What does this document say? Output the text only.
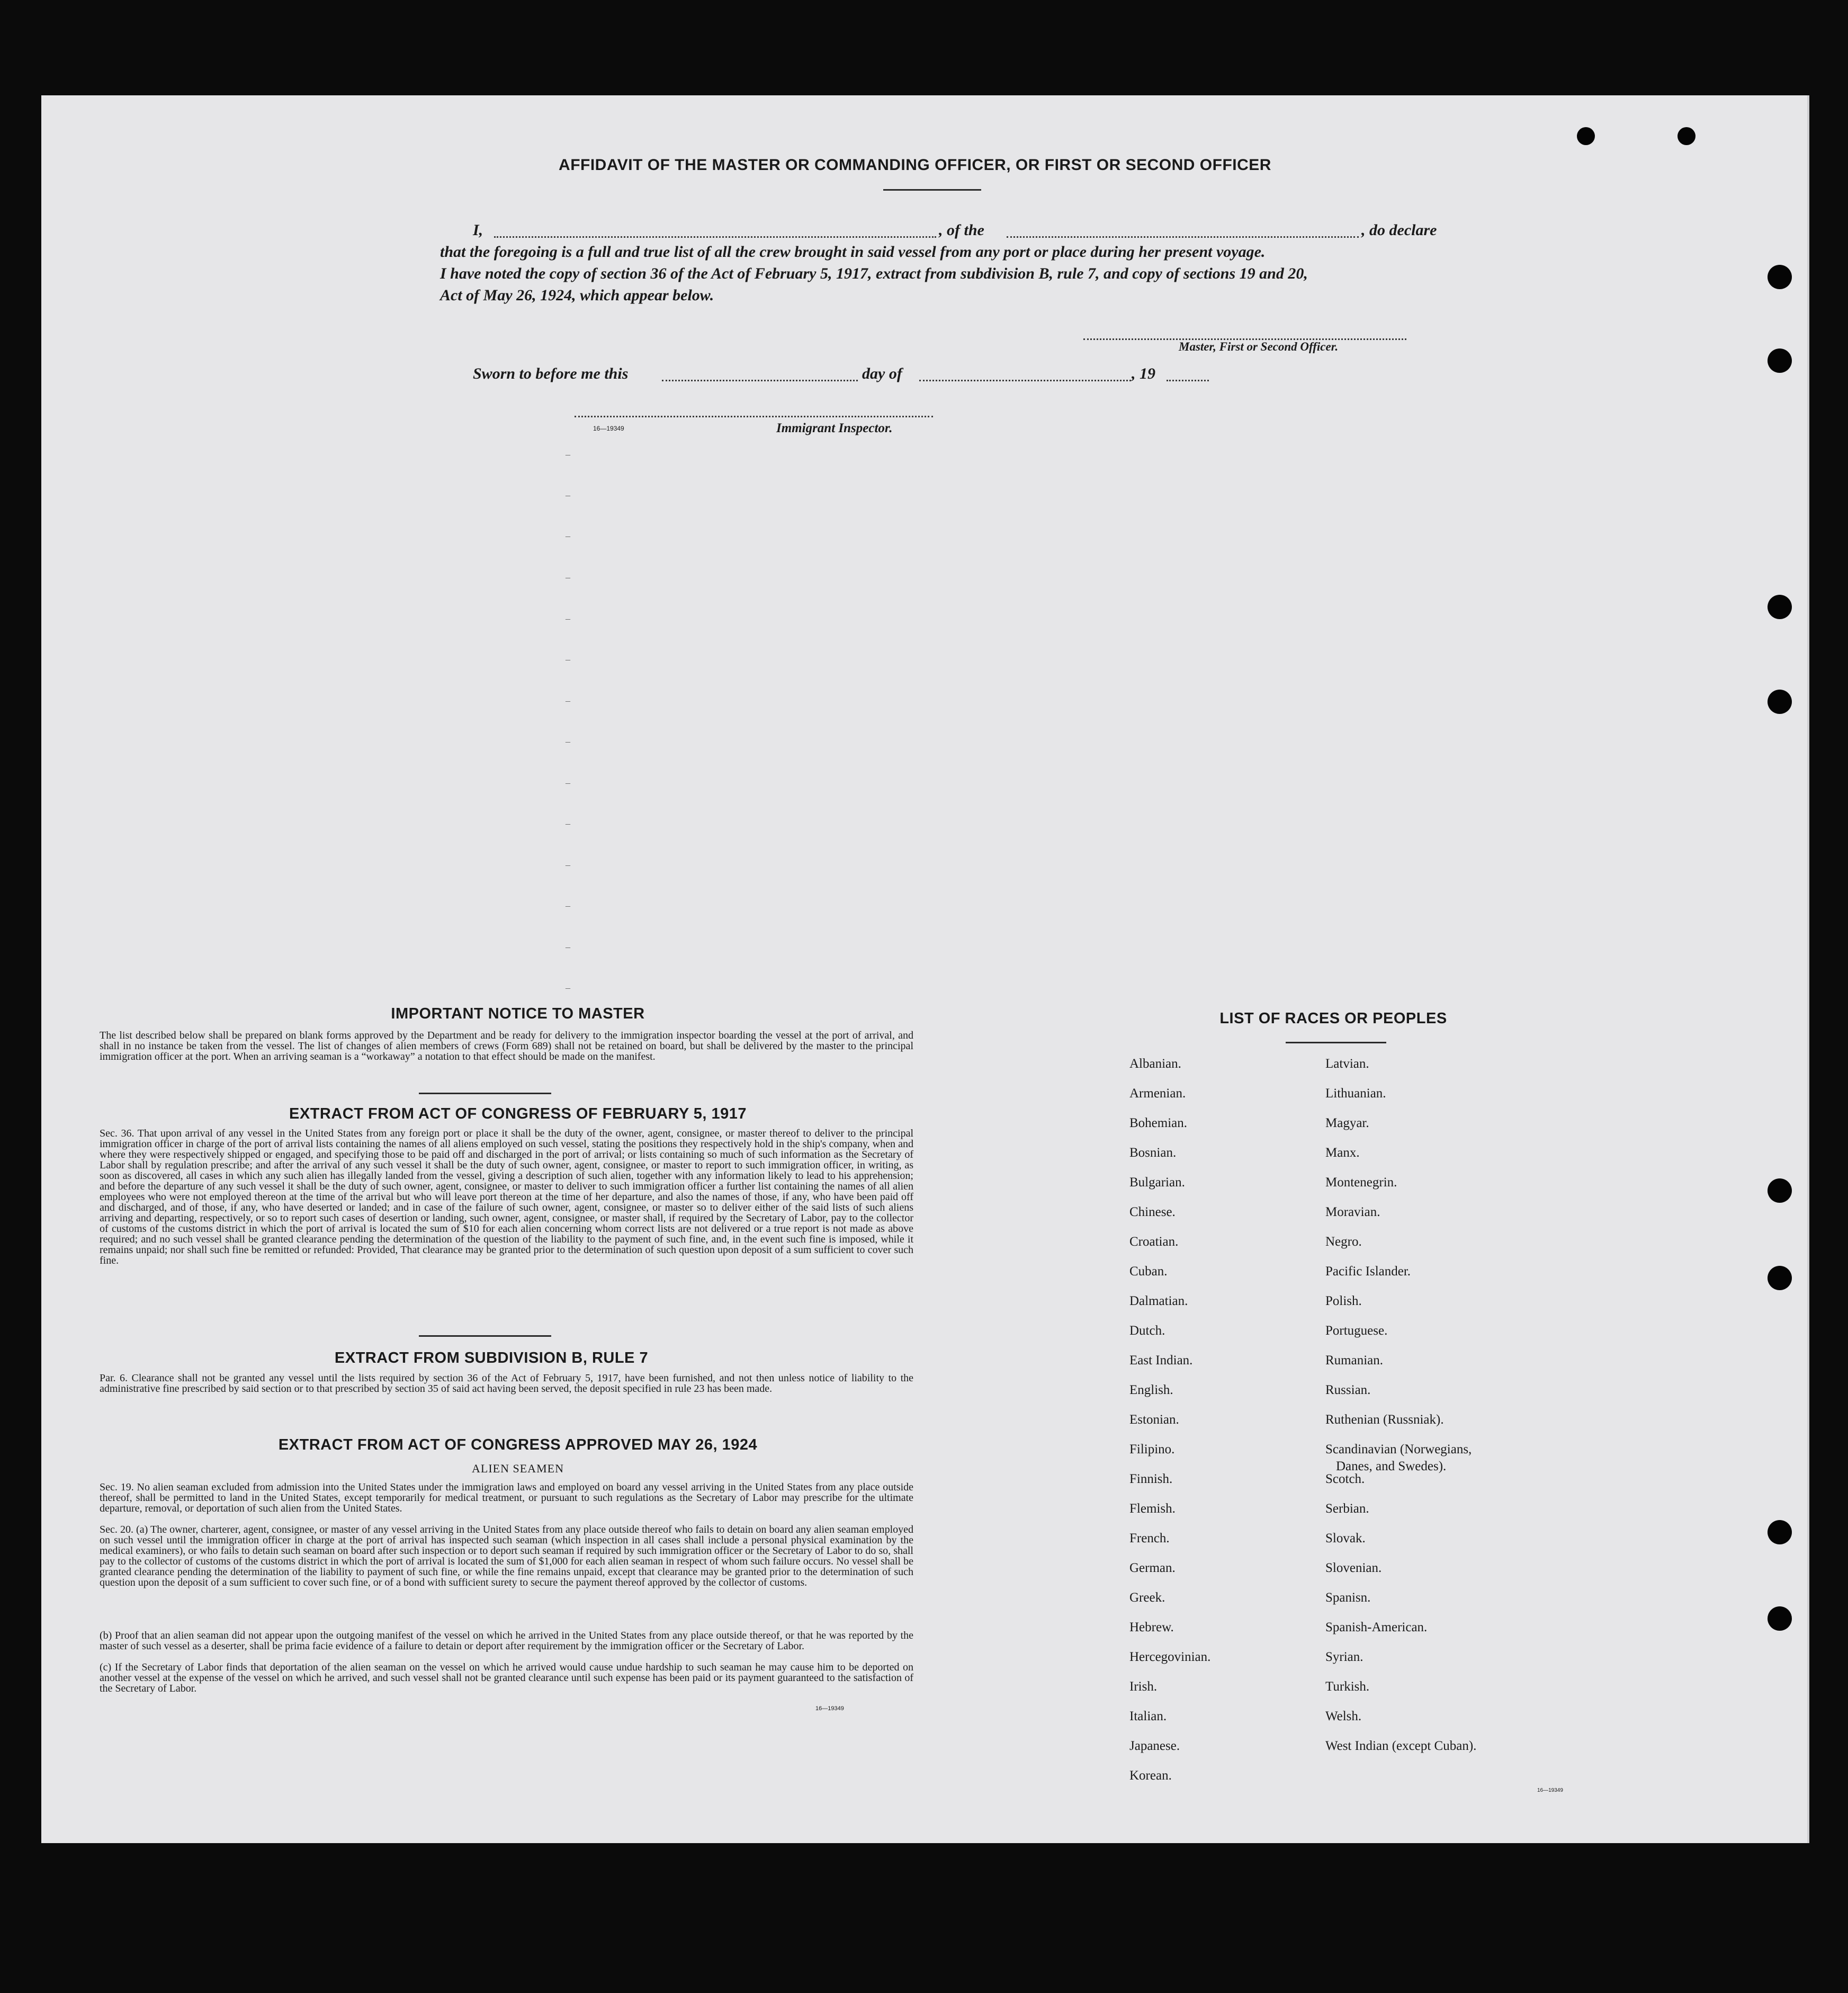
AFFIDAVIT OF THE MASTER OR COMMANDING OFFICER, OR FIRST OR SECOND OFFICER
I,	, of the	, do declare
that the foregoing is a full and true list of all the crew brought in said vessel from any port or place during her present voyage.
I have noted the copy of section 36 of the Act of February 5, 1917, extract from subdivision B, rule 7, and copy of sections 19 and 20,
Act of May 26, 1924, which appear below.
Master, First or Second Officer.
Sworn to before me this	day of	, 19
16—19349	Immigrant Inspector.
–
–
–
–
–
–
–
–
–
–
–
–
–
–
IMPORTANT NOTICE TO MASTER
The list described below shall be prepared on blank forms approved by the Department and be ready for delivery to the immigration inspector boarding the vessel at the port of arrival, and shall in no instance be taken from the vessel. The list of changes of alien members of crews (Form 689) shall not be retained on board, but shall be delivered by the master to the principal immigration officer at the port. When an arriving seaman is a “workaway” a notation to that effect should be made on the manifest.
EXTRACT FROM ACT OF CONGRESS OF FEBRUARY 5, 1917
Sec. 36. That upon arrival of any vessel in the United States from any foreign port or place it shall be the duty of the owner, agent, consignee, or master thereof to deliver to the principal immigration officer in charge of the port of arrival lists containing the names of all aliens employed on such vessel, stating the positions they respectively hold in the ship's company, when and where they were respectively shipped or engaged, and specifying those to be paid off and discharged in the port of arrival; or lists containing so much of such information as the Secretary of Labor shall by regulation prescribe; and after the arrival of any such vessel it shall be the duty of such owner, agent, consignee, or master to report to such immigration officer, in writing, as soon as discovered, all cases in which any such alien has illegally landed from the vessel, giving a description of such alien, together with any information likely to lead to his apprehension; and before the departure of any such vessel it shall be the duty of such owner, agent, consignee, or master to deliver to such immigration officer a further list containing the names of all alien employees who were not employed thereon at the time of the arrival but who will leave port thereon at the time of her departure, and also the names of those, if any, who have been paid off and discharged, and of those, if any, who have deserted or landed; and in case of the failure of such owner, agent, consignee, or master so to deliver either of the said lists of such aliens arriving and departing, respectively, or so to report such cases of desertion or landing, such owner, agent, consignee, or master shall, if required by the Secretary of Labor, pay to the collector of customs of the customs district in which the port of arrival is located the sum of $10 for each alien concerning whom correct lists are not delivered or a true report is not made as above required; and no such vessel shall be granted clearance pending the determination of the question of the liability to the payment of such fine, and, in the event such fine is imposed, while it remains unpaid; nor shall such fine be remitted or refunded: Provided, That clearance may be granted prior to the determination of such question upon deposit of a sum sufficient to cover such fine.
EXTRACT FROM SUBDIVISION B, RULE 7
Par. 6. Clearance shall not be granted any vessel until the lists required by section 36 of the Act of February 5, 1917, have been furnished, and not then unless notice of liability to the administrative fine prescribed by said section or to that prescribed by section 35 of said act having been served, the deposit specified in rule 23 has been made.
EXTRACT FROM ACT OF CONGRESS APPROVED MAY 26, 1924
ALIEN SEAMEN
Sec. 19. No alien seaman excluded from admission into the United States under the immigration laws and employed on board any vessel arriving in the United States from any place outside thereof, shall be permitted to land in the United States, except temporarily for medical treatment, or pursuant to such regulations as the Secretary of Labor may prescribe for the ultimate departure, removal, or deportation of such alien from the United States.
Sec. 20. (a) The owner, charterer, agent, consignee, or master of any vessel arriving in the United States from any place outside thereof who fails to detain on board any alien seaman employed on such vessel until the immigration officer in charge at the port of arrival has inspected such seaman (which inspection in all cases shall include a personal physical examination by the medical examiners), or who fails to detain such seaman on board after such inspection or to deport such seaman if required by such immigration officer or the Secretary of Labor to do so, shall pay to the collector of customs of the customs district in which the port of arrival is located the sum of $1,000 for each alien seaman in respect of whom such failure occurs. No vessel shall be granted clearance pending the determination of the liability to payment of such fine, or while the fine remains unpaid, except that clearance may be granted prior to the determination of such question upon the deposit of a sum sufficient to cover such fine, or of a bond with sufficient surety to secure the payment thereof approved by the collector of customs.
(b) Proof that an alien seaman did not appear upon the outgoing manifest of the vessel on which he arrived in the United States from any place outside thereof, or that he was reported by the master of such vessel as a deserter, shall be prima facie evidence of a failure to detain or deport after requirement by the immigration officer or the Secretary of Labor.
(c) If the Secretary of Labor finds that deportation of the alien seaman on the vessel on which he arrived would cause undue hardship to such seaman he may cause him to be deported on another vessel at the expense of the vessel on which he arrived, and such vessel shall not be granted clearance until such expense has been paid or its payment guaranteed to the satisfaction of the Secretary of Labor.
16—19349
LIST OF RACES OR PEOPLES
Albanian.
Armenian.
Bohemian.
Bosnian.
Bulgarian.
Chinese.
Croatian.
Cuban.
Dalmatian.
Dutch.
East Indian.
English.
Estonian.
Filipino.
Finnish.
Flemish.
French.
German.
Greek.
Hebrew.
Hercegovinian.
Irish.
Italian.
Japanese.
Korean.
Latvian.
Lithuanian.
Magyar.
Manx.
Montenegrin.
Moravian.
Negro.
Pacific Islander.
Polish.
Portuguese.
Rumanian.
Russian.
Ruthenian (Russniak).
Scandinavian (Norwegians,
Danes, and Swedes).
Scotch.
Serbian.
Slovak.
Slovenian.
Spanisn.
Spanish-American.
Syrian.
Turkish.
Welsh.
West Indian (except Cuban).
16—19349
